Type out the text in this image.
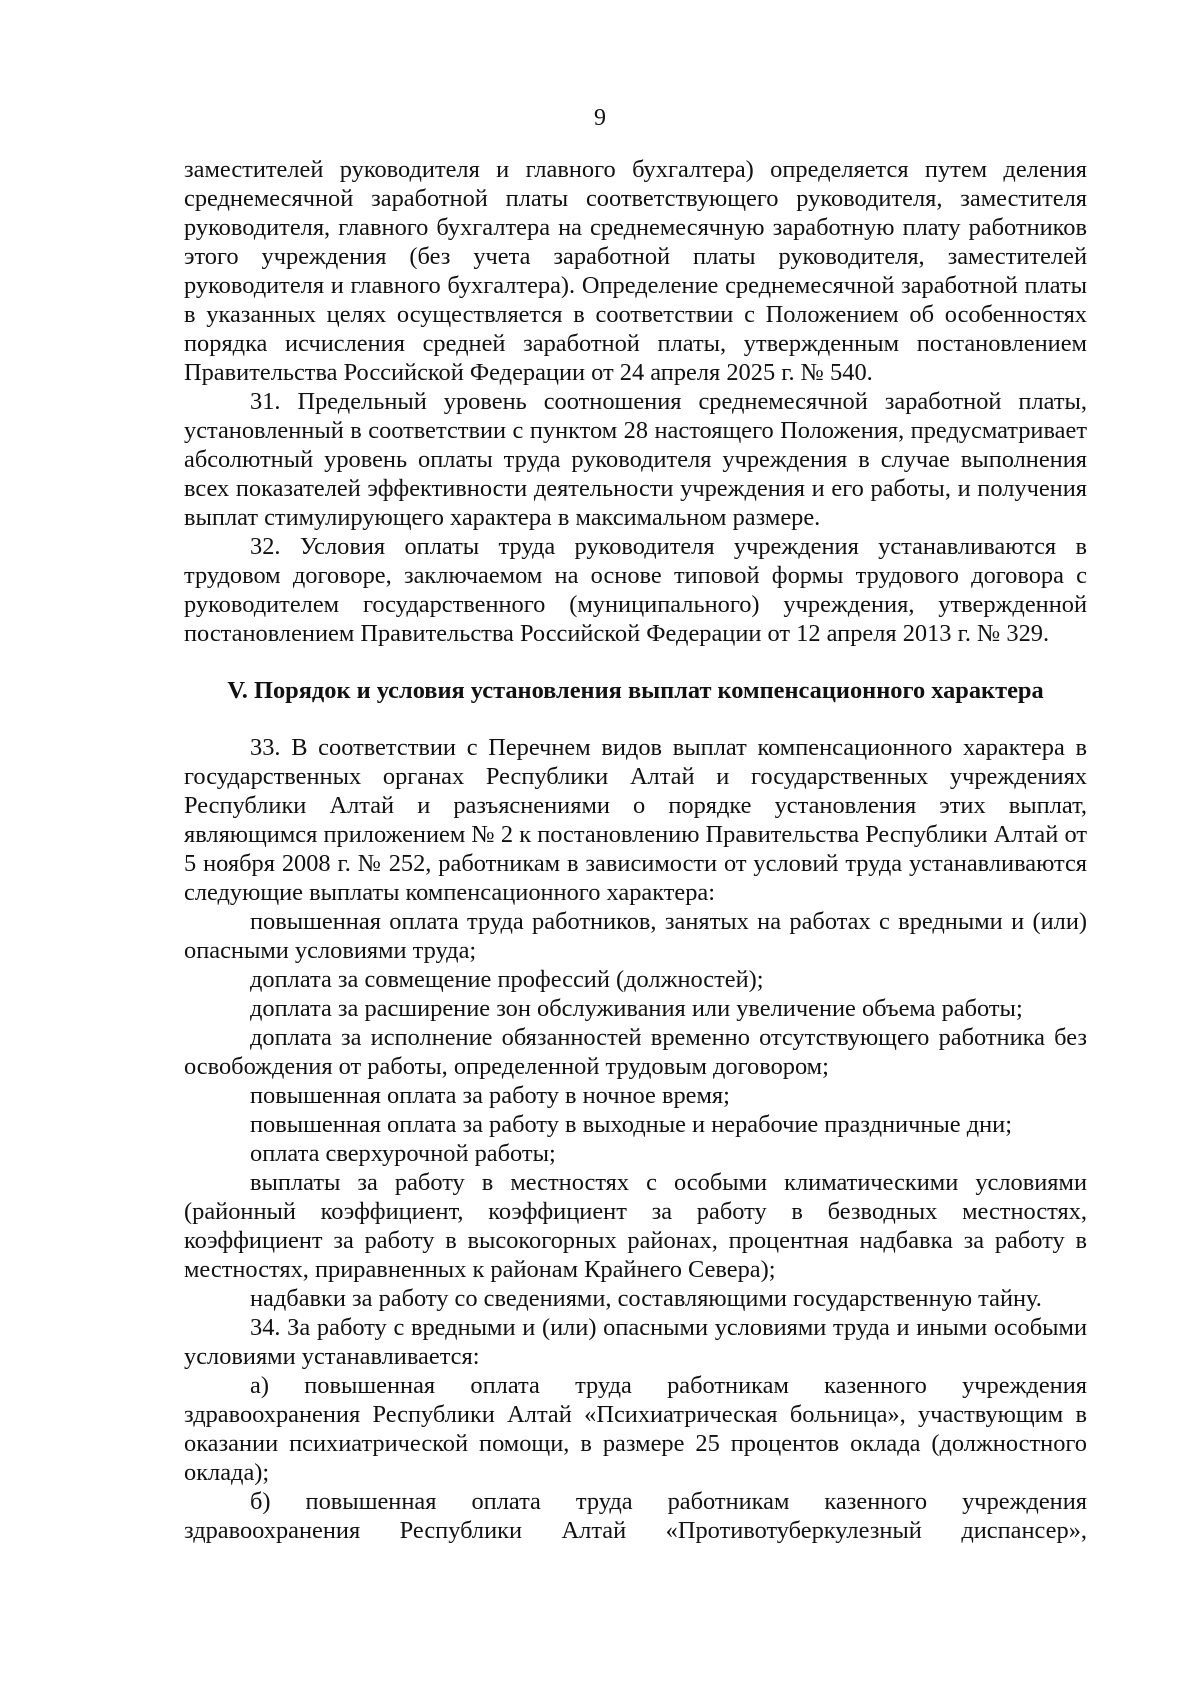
9

заместителей руководителя и главного бухгалтера) определяется путем деления среднемесячной заработной платы соответствующего руководителя, заместителя руководителя, главного бухгалтера на среднемесячную заработную плату работников этого учреждения (без учета заработной платы руководителя, заместителей руководителя и главного бухгалтера). Определение среднемесячной заработной платы в указанных целях осуществляется в соответствии с Положением об особенностях порядка исчисления средней заработной платы, утвержденным постановлением Правительства Российской Федерации от 24 апреля 2025 г. № 540.

31. Предельный уровень соотношения среднемесячной заработной платы, установленный в соответствии с пунктом 28 настоящего Положения, предусматривает абсолютный уровень оплаты труда руководителя учреждения в случае выполнения всех показателей эффективности деятельности учреждения и его работы, и получения выплат стимулирующего характера в максимальном размере.

32. Условия оплаты труда руководителя учреждения устанавливаются в трудовом договоре, заключаемом на основе типовой формы трудового договора с руководителем государственного (муниципального) учреждения, утвержденной постановлением Правительства Российской Федерации от 12 апреля 2013 г. № 329.

V. Порядок и условия установления выплат компенсационного характера

33. В соответствии с Перечнем видов выплат компенсационного характера в государственных органах Республики Алтай и государственных учреждениях Республики Алтай и разъяснениями о порядке установления этих выплат, являющимся приложением № 2 к постановлению Правительства Республики Алтай от 5 ноября 2008 г. № 252, работникам в зависимости от условий труда устанавливаются следующие выплаты компенсационного характера:

повышенная оплата труда работников, занятых на работах с вредными и (или) опасными условиями труда;

доплата за совмещение профессий (должностей);

доплата за расширение зон обслуживания или увеличение объема работы;

доплата за исполнение обязанностей временно отсутствующего работника без освобождения от работы, определенной трудовым договором;

повышенная оплата за работу в ночное время;

повышенная оплата за работу в выходные и нерабочие праздничные дни;

оплата сверхурочной работы;

выплаты за работу в местностях с особыми климатическими условиями (районный коэффициент, коэффициент за работу в безводных местностях, коэффициент за работу в высокогорных районах, процентная надбавка за работу в местностях, приравненных к районам Крайнего Севера);

надбавки за работу со сведениями, составляющими государственную тайну.

34. За работу с вредными и (или) опасными условиями труда и иными особыми условиями устанавливается:

а) повышенная оплата труда работникам казенного учреждения здравоохранения Республики Алтай «Психиатрическая больница», участвующим в оказании психиатрической помощи, в размере 25 процентов оклада (должностного оклада);

б) повышенная оплата труда работникам казенного учреждения здравоохранения Республики Алтай «Противотуберкулезный диспансер»,
